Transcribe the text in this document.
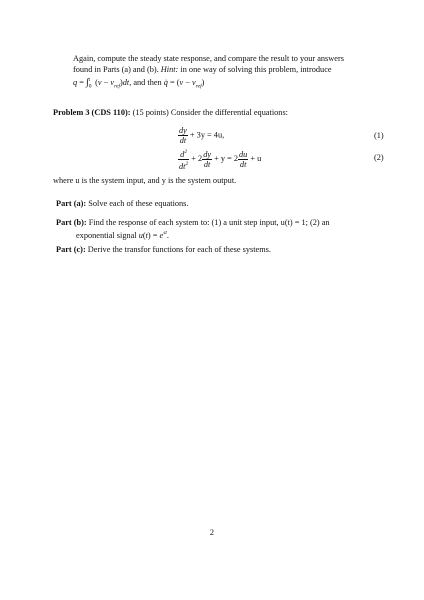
Again, compute the steady state response, and compare the result to your answers
found in Parts (a) and (b). Hint: in one way of solving this problem, introduce
$q = \int_0^t$ $(v - v_{ref})dt$, and then q̇ = $(v - v_{ref})$
Problem 3 (CDS 110): (15 points) Consider the differential equations:
$\frac{dy}{dt} + 3y = 4u$,	(1)
$\frac{d^2}{dt^2} + 2 \frac{dy}{dt} + y = 2 \frac{du}{dt} + u$	(2)
where u is the system input, and y is the system output.
Part (a): Solve each of these equations.
Part (b): Find the response of each system to: (1) a unit step input, u(t) = 1; (2) an
exponential signal $u(t) = e^{st}$.
Part (c): Derive the transfor functions for each of these systems.
2
